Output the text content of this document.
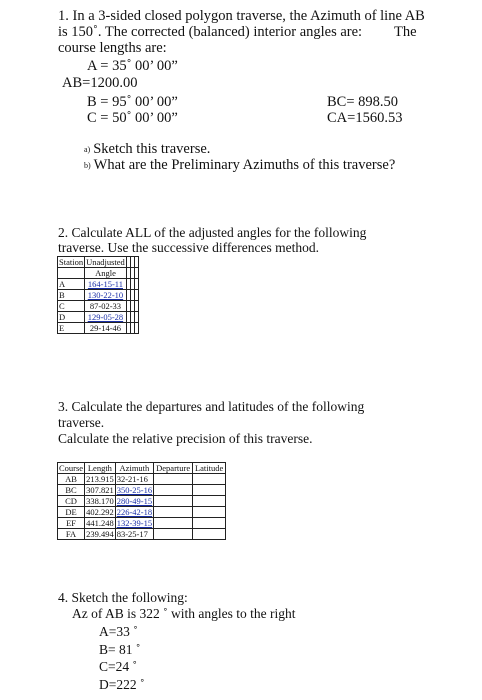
1. In a 3-sided closed polygon traverse, the Azimuth of line AB
is 150˚. The corrected (balanced) interior angles are: The
course lengths are:
A = 35˚ 00’ 00”
AB=1200.00
B = 95˚ 00’ 00”	BC= 898.50
C = 50˚ 00’ 00”	CA=1560.53
a) Sketch this traverse.
b) What are the Preliminary Azimuths of this traverse?
2. Calculate ALL of the adjusted angles for the following
traverse. Use the successive differences method.
Station	Unadjusted			
	Angle			
A	164-15-11			
B	130-22-10			
C	87-02-33			
D	129-05-28			
E	29-14-46			
3. Calculate the departures and latitudes of the following
traverse.
Calculate the relative precision of this traverse.
Course	Length	Azimuth	Departure	Latitude
AB	213.915	32-21-16		
BC	307.821	350-25-16		
CD	338.170	280-49-15		
DE	402.292	226-42-18		
EF	441.248	132-39-15		
FA	239.494	83-25-17		
4. Sketch the following:
Az of AB is 322 ˚ with angles to the right
A=33 ˚
B= 81 ˚
C=24 ˚
D=222 ˚
